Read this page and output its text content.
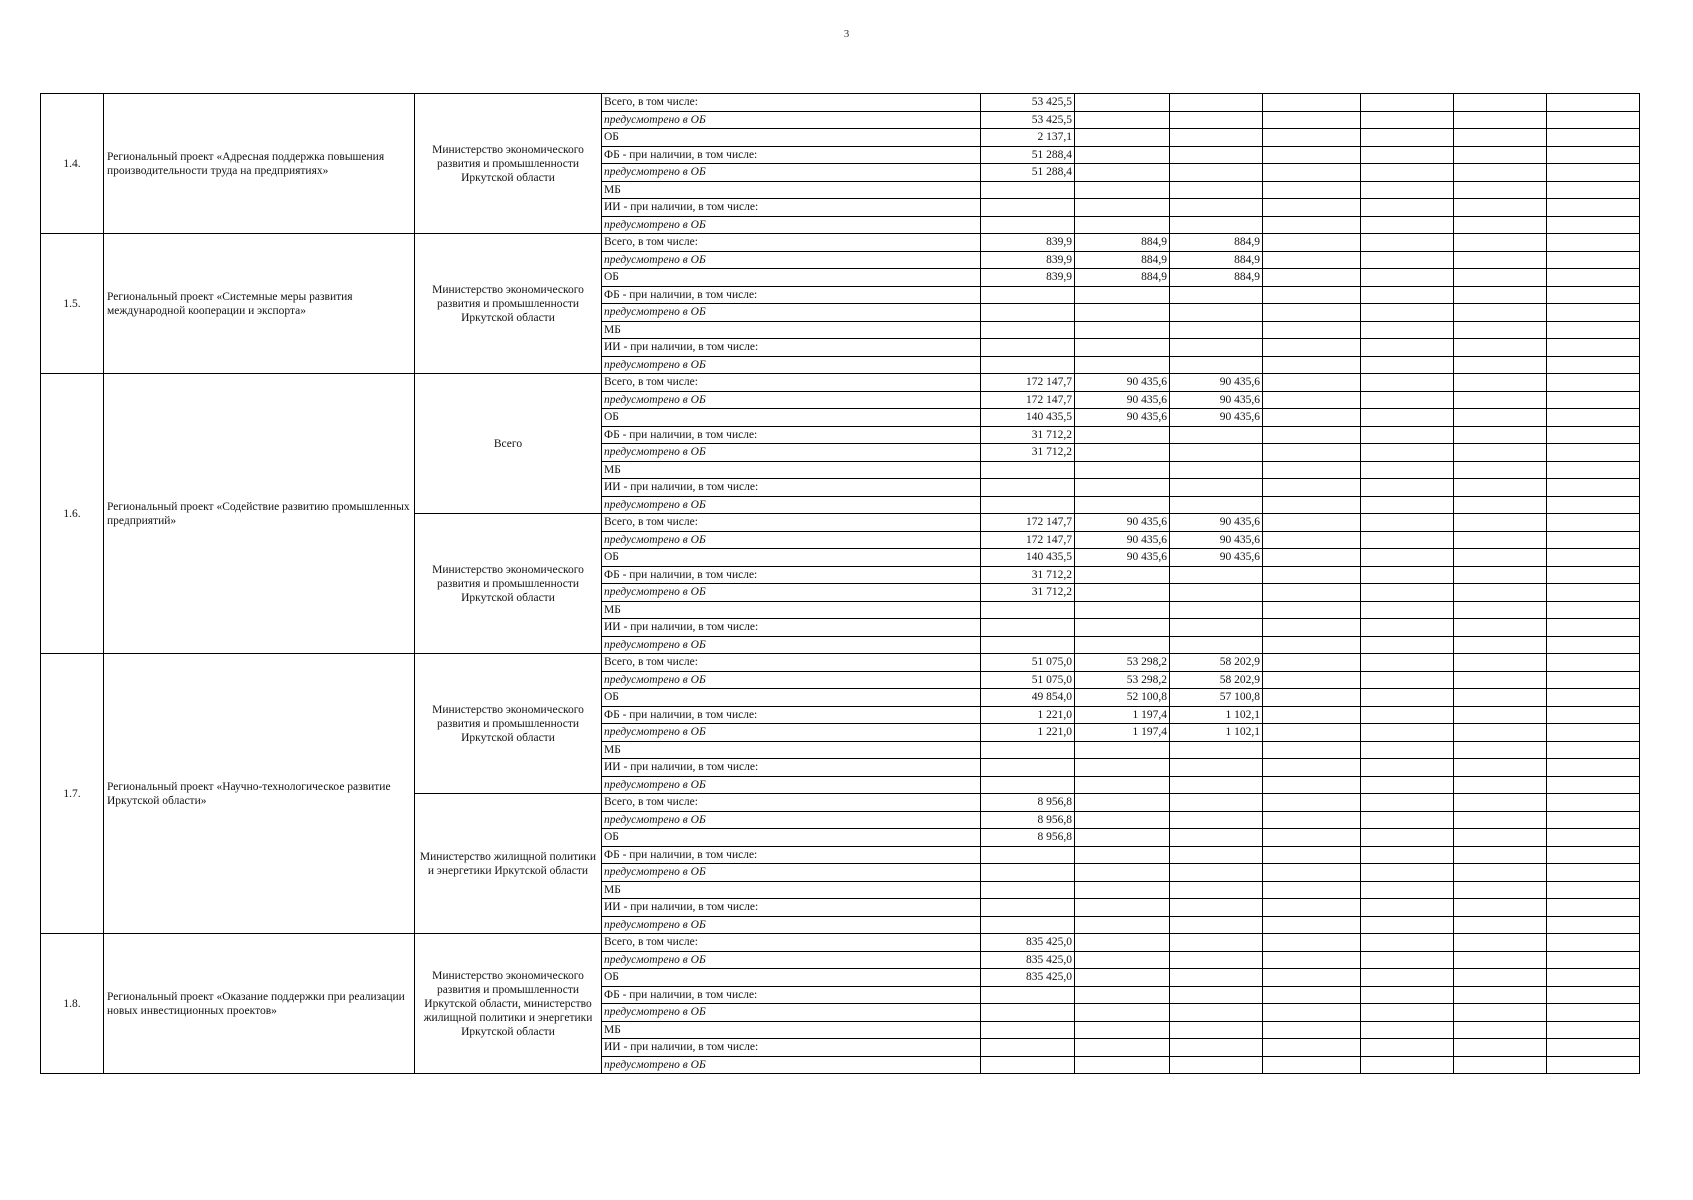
3
1.4.	Региональный проект «Адресная поддержка повышения производительности труда на предприятиях»	Министерство экономического развития и промышленности Иркутской области	Всего, в том числе:	53 425,5						
			предусмотрено в ОБ	53 425,5						
			ОБ	2 137,1						
			ФБ - при наличии, в том числе:	51 288,4						
			предусмотрено в ОБ	51 288,4						
			МБ							
			ИИ - при наличии, в том числе:							
			предусмотрено в ОБ							
1.5.	Региональный проект «Системные меры развития международной кооперации и экспорта»	Министерство экономического развития и промышленности Иркутской области	Всего, в том числе:	839,9	884,9	884,9				
			предусмотрено в ОБ	839,9	884,9	884,9				
			ОБ	839,9	884,9	884,9				
			ФБ - при наличии, в том числе:							
			предусмотрено в ОБ							
			МБ							
			ИИ - при наличии, в том числе:							
			предусмотрено в ОБ							
1.6.	Региональный проект «Содействие развитию промышленных предприятий»	Всего	Всего, в том числе:	172 147,7	90 435,6	90 435,6				
			предусмотрено в ОБ	172 147,7	90 435,6	90 435,6				
			ОБ	140 435,5	90 435,6	90 435,6				
			ФБ - при наличии, в том числе:	31 712,2						
			предусмотрено в ОБ	31 712,2						
			МБ							
			ИИ - при наличии, в том числе:							
			предусмотрено в ОБ							
		Министерство экономического развития и промышленности Иркутской области	Всего, в том числе:	172 147,7	90 435,6	90 435,6				
			предусмотрено в ОБ	172 147,7	90 435,6	90 435,6				
			ОБ	140 435,5	90 435,6	90 435,6				
			ФБ - при наличии, в том числе:	31 712,2						
			предусмотрено в ОБ	31 712,2						
			МБ							
			ИИ - при наличии, в том числе:							
			предусмотрено в ОБ							
1.7.	Региональный проект «Научно-технологическое развитие Иркутской области»	Министерство экономического развития и промышленности Иркутской области	Всего, в том числе:	51 075,0	53 298,2	58 202,9				
			предусмотрено в ОБ	51 075,0	53 298,2	58 202,9				
			ОБ	49 854,0	52 100,8	57 100,8				
			ФБ - при наличии, в том числе:	1 221,0	1 197,4	1 102,1				
			предусмотрено в ОБ	1 221,0	1 197,4	1 102,1				
			МБ							
			ИИ - при наличии, в том числе:							
			предусмотрено в ОБ							
		Министерство жилищной политики и энергетики Иркутской области	Всего, в том числе:	8 956,8						
			предусмотрено в ОБ	8 956,8						
			ОБ	8 956,8						
			ФБ - при наличии, в том числе:							
			предусмотрено в ОБ							
			МБ							
			ИИ - при наличии, в том числе:							
			предусмотрено в ОБ							
1.8.	Региональный проект «Оказание поддержки при реализации новых инвестиционных проектов»	Министерство экономического развития и промышленности Иркутской области, министерство жилищной политики и энергетики Иркутской области	Всего, в том числе:	835 425,0						
			предусмотрено в ОБ	835 425,0						
			ОБ	835 425,0						
			ФБ - при наличии, в том числе:							
			предусмотрено в ОБ							
			МБ							
			ИИ - при наличии, в том числе:							
			предусмотрено в ОБ							
